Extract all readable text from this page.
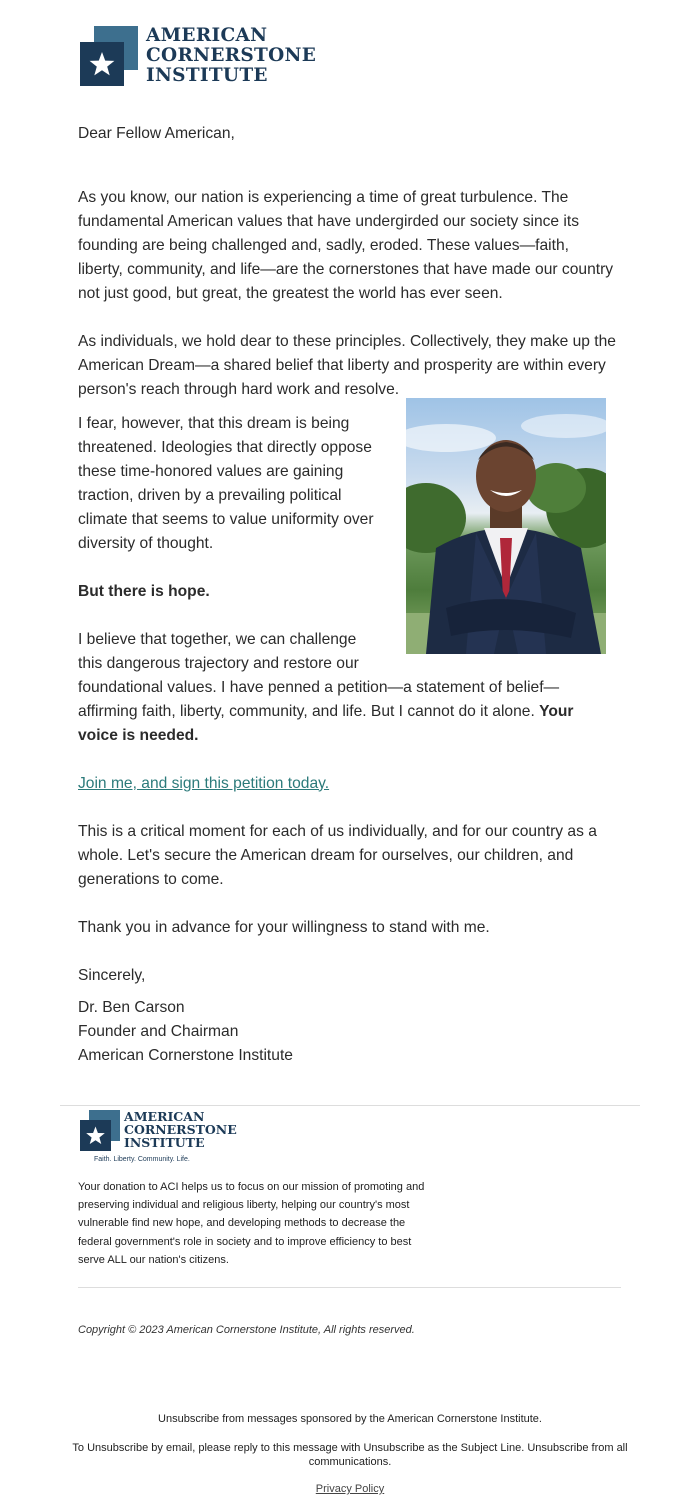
AMERICAN
CORNERSTONE
INSTITUTE
Dear Fellow American,

As you know, our nation is experiencing a time of great turbulence. The fundamental American values that have undergirded our society since its founding are being challenged and, sadly, eroded. These values—faith, liberty, community, and life—are the cornerstones that have made our country not just good, but great, the greatest the world has ever seen.

As individuals, we hold dear to these principles. Collectively, they make up the American Dream—a shared belief that liberty and prosperity are within every person's reach through hard work and resolve.

I fear, however, that this dream is being threatened. Ideologies that directly oppose these time-honored values are gaining traction, driven by a prevailing political climate that seems to value uniformity over diversity of thought.

But there is hope.

I believe that together, we can challenge this dangerous trajectory and restore our

foundational values. I have penned a petition—a statement of belief—affirming faith, liberty, community, and life. But I cannot do it alone. Your voice is needed.

Join me, and sign this petition today.

This is a critical moment for each of us individually, and for our country as a whole. Let's secure the American dream for ourselves, our children, and generations to come.

Thank you in advance for your willingness to stand with me.

Sincerely,

Dr. Ben Carson
Founder and Chairman
American Cornerstone Institute
AMERICAN
CORNERSTONE
INSTITUTE
Faith. Liberty. Community. Life.

Your donation to ACI helps us to focus on our mission of promoting and preserving individual and religious liberty, helping our country's most vulnerable find new hope, and developing methods to decrease the federal government's role in society and to improve efficiency to best serve ALL our nation's citizens.

Copyright © 2023 American Cornerstone Institute, All rights reserved.
Unsubscribe from messages sponsored by the American Cornerstone Institute.
To Unsubscribe by email, please reply to this message with Unsubscribe as the Subject Line. Unsubscribe from all communications.
Privacy Policy
